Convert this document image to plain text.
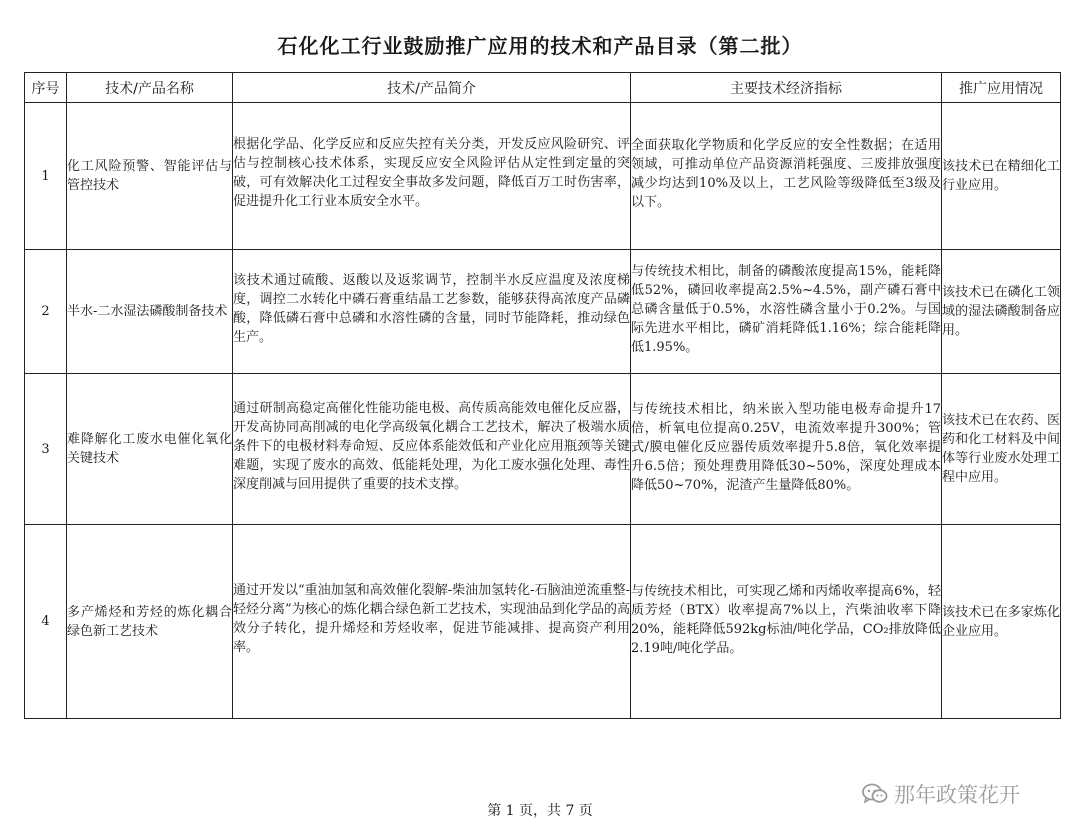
石化化工行业鼓励推广应用的技术和产品目录（第二批）
序号	技术/产品名称	技术/产品简介	主要技术经济指标	推广应用情况
1	化工风险预警、智能评估与管控技术	根据化学品、化学反应和反应失控有关分类，开发反应风险研究、评估与控制核心技术体系，实现反应安全风险评估从定性到定量的突破，可有效解决化工过程安全事故多发问题，降低百万工时伤害率，促进提升化工行业本质安全水平。	全面获取化学物质和化学反应的安全性数据；在适用领域，可推动单位产品资源消耗强度、三废排放强度减少均达到10%及以上，工艺风险等级降低至3级及以下。	该技术已在精细化工行业应用。

2	半水-二水湿法磷酸制备技术	该技术通过硫酸、返酸以及返浆调节，控制半水反应温度及浓度梯度，调控二水转化中磷石膏重结晶工艺参数，能够获得高浓度产品磷酸，降低磷石膏中总磷和水溶性磷的含量，同时节能降耗，推动绿色生产。	与传统技术相比，制备的磷酸浓度提高15%，能耗降低52%，磷回收率提高2.5%~4.5%，副产磷石膏中总磷含量低于0.5%，水溶性磷含量小于0.2%。与国际先进水平相比，磷矿消耗降低1.16%；综合能耗降低1.95%。	该技术已在磷化工领域的湿法磷酸制备应用。

3	难降解化工废水电催化氧化关键技术	通过研制高稳定高催化性能功能电极、高传质高能效电催化反应器，开发高协同高削减的电化学高级氧化耦合工艺技术，解决了极端水质条件下的电极材料寿命短、反应体系能效低和产业化应用瓶颈等关键难题，实现了废水的高效、低能耗处理，为化工废水强化处理、毒性深度削减与回用提供了重要的技术支撑。	与传统技术相比，纳米嵌入型功能电极寿命提升17倍，析氧电位提高0.25V，电流效率提升300%；管式/膜电催化反应器传质效率提升5.8倍，氧化效率提升6.5倍；预处理费用降低30~50%，深度处理成本降低50~70%，泥渣产生量降低80%。	该技术已在农药、医药和化工材料及中间体等行业废水处理工程中应用。

4	多产烯烃和芳烃的炼化耦合绿色新工艺技术	通过开发以“重油加氢和高效催化裂解-柴油加氢转化-石脑油逆流重整-轻烃分离”为核心的炼化耦合绿色新工艺技术，实现油品到化学品的高效分子转化，提升烯烃和芳烃收率，促进节能减排、提高资产利用率。	与传统技术相比，可实现乙烯和丙烯收率提高6%，轻质芳烃（BTX）收率提高7%以上，汽柴油收率下降20%，能耗降低592kg标油/吨化学品，CO₂排放降低2.19吨/吨化学品。	该技术已在多家炼化企业应用。
第 1 页，共 7 页
那年政策花开
